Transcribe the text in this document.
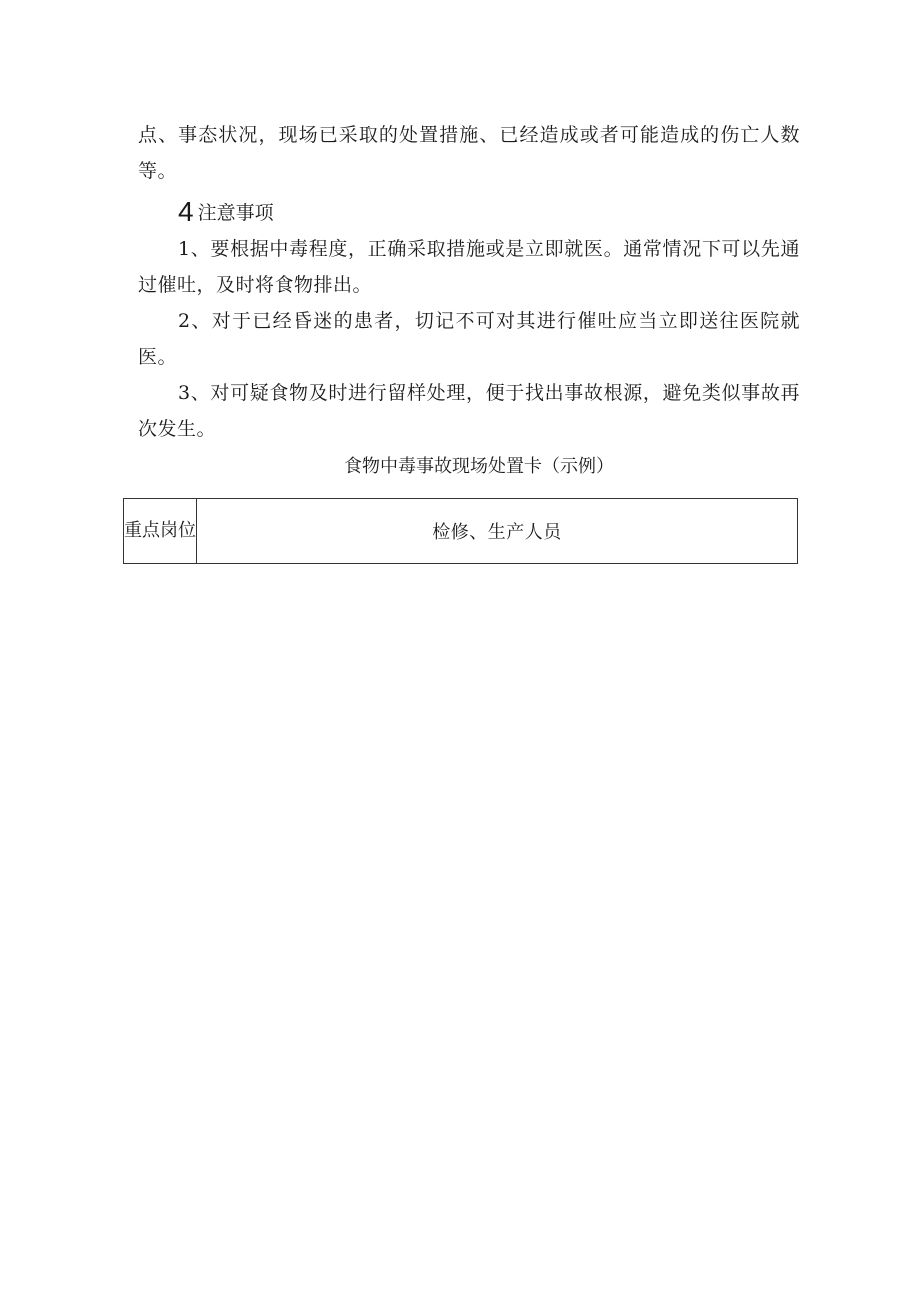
点、事态状况，现场已采取的处置措施、已经造成或者可能造成的伤亡人数等。

4 注意事项

1、要根据中毒程度，正确采取措施或是立即就医。通常情况下可以先通过催吐，及时将食物排出。

2、对于已经昏迷的患者，切记不可对其进行催吐应当立即送往医院就医。

3、对可疑食物及时进行留样处理，便于找出事故根源，避免类似事故再次发生。

食物中毒事故现场处置卡（示例）
重点岗位	检修、生产人员
